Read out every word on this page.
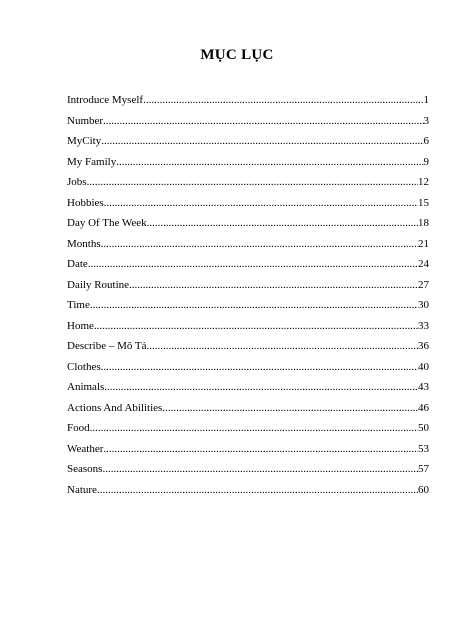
MỤC LỤC
Introduce Myself .....	1
Number .....	3
MyCity .....	6
My Family .....	9
Jobs .....	12
Hobbies .....	15
Day Of The Week .....	18
Months .....	21
Date .....	24
Daily Routine .....	27
Time .....	30
Home .....	33
Describe – Mô Tả .....	36
Clothes .....	40
Animals .....	43
Actions And Abilities .....	46
Food .....	50
Weather .....	53
Seasons .....	57
Nature .....	60
